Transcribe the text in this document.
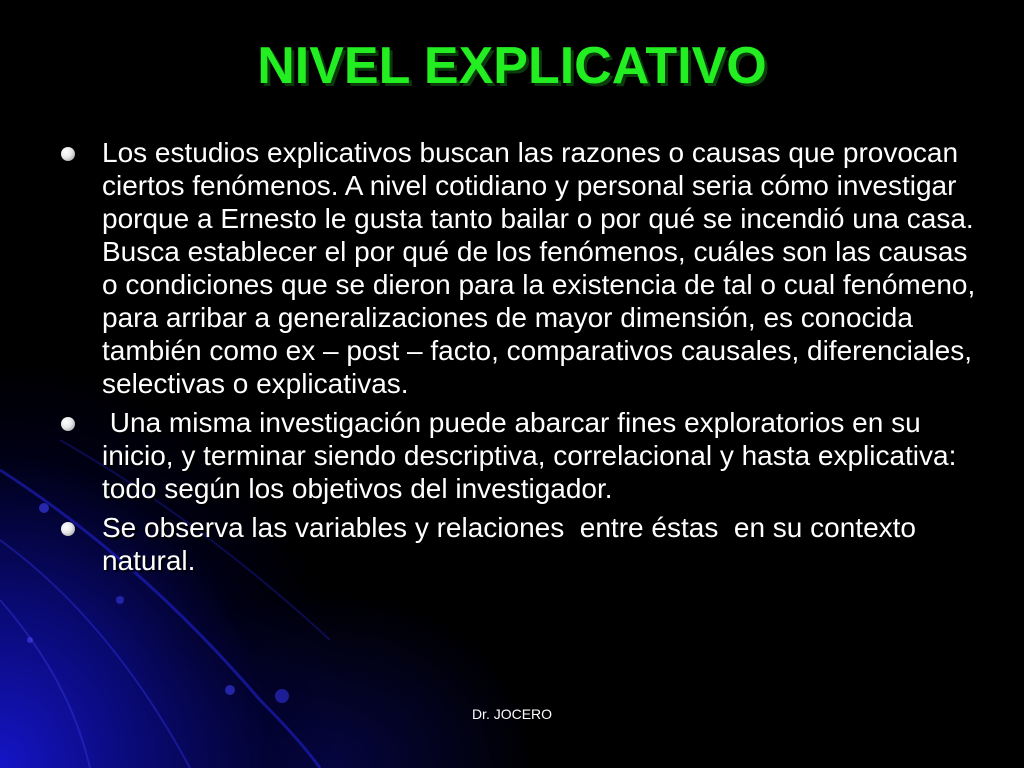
NIVEL EXPLICATIVO
Los estudios explicativos buscan las razones o causas que provocan ciertos fenómenos. A nivel cotidiano y personal seria cómo investigar porque a Ernesto le gusta tanto bailar o por qué se incendió una casa. Busca establecer el por qué de los fenómenos, cuáles son las causas o condiciones que se dieron para la existencia de tal o cual fenómeno, para arribar a generalizaciones de mayor dimensión, es conocida también como ex – post – facto, comparativos causales, diferenciales, selectivas o explicativas.
Una misma investigación puede abarcar fines exploratorios en su inicio, y terminar siendo descriptiva, correlacional y hasta explicativa: todo según los objetivos del investigador.
Se observa las variables y relaciones  entre éstas  en su contexto natural.
Dr. JOCERO
